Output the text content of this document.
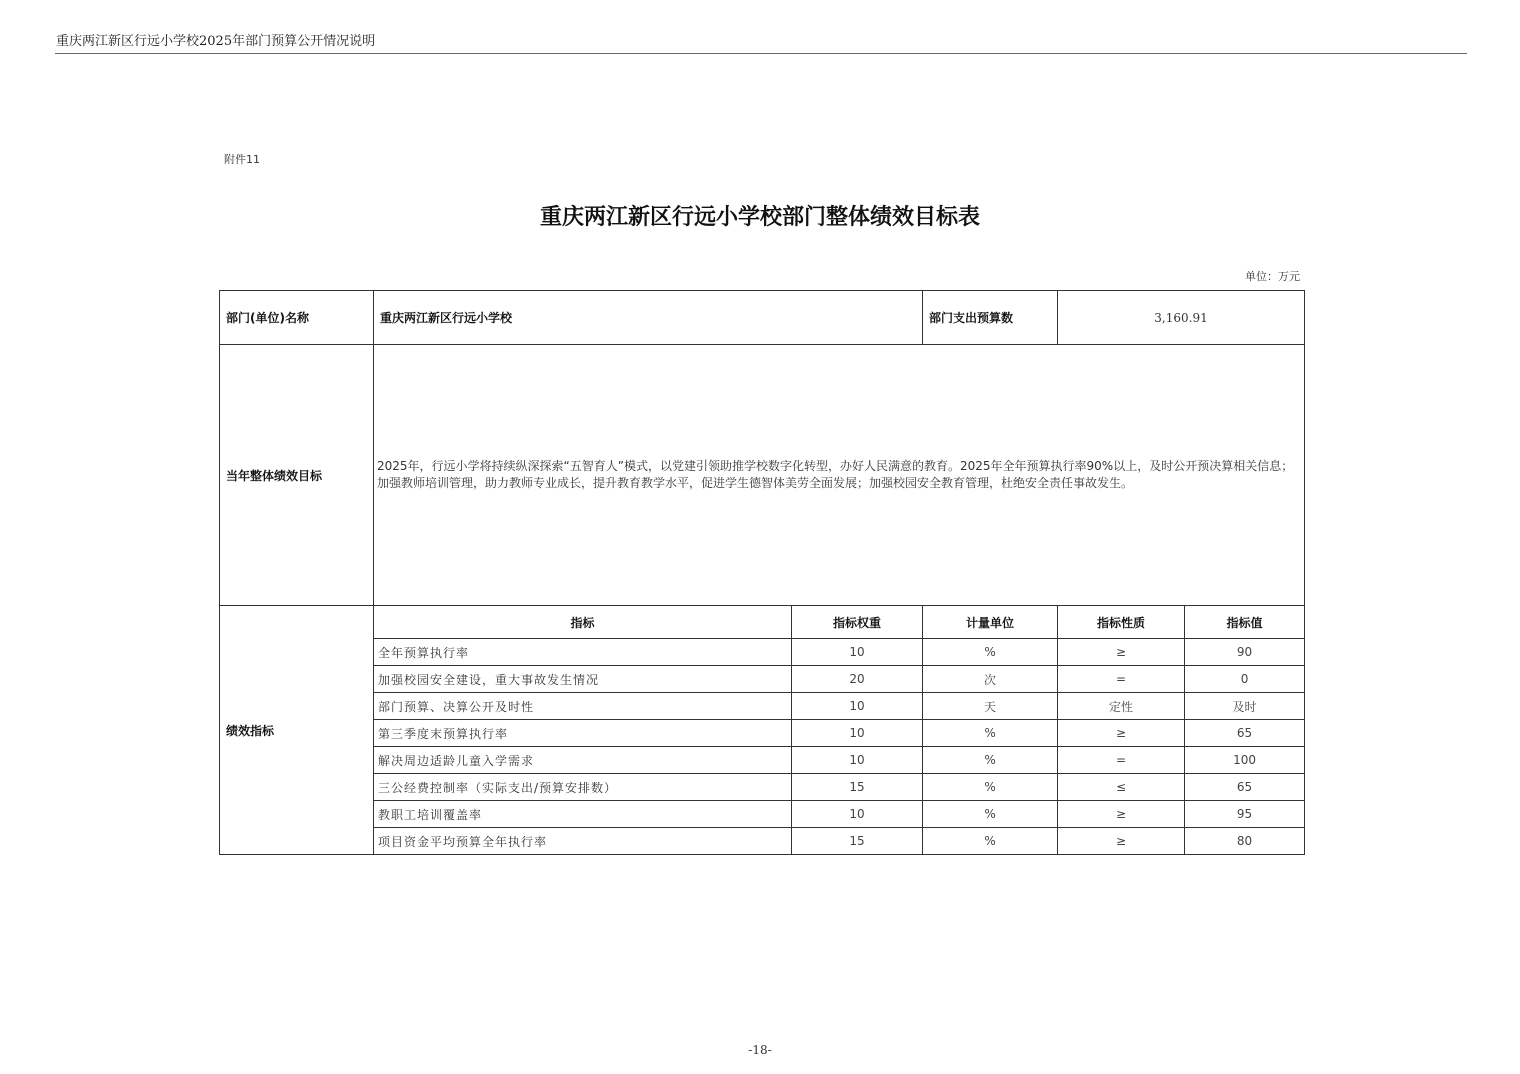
重庆两江新区行远小学校2025年部门预算公开情况说明
附件11
重庆两江新区行远小学校部门整体绩效目标表
单位：万元
部门(单位)名称	重庆两江新区行远小学校		部门支出预算数	3,160.91	
当年整体绩效目标	2025年，行远小学将持续纵深探索“五智育人”模式，以党建引领助推学校数字化转型，办好人民满意的教育。2025年全年预算执行率90%以上，及时公开预决算相关信息；加强教师培训管理，助力教师专业成长，提升教育教学水平，促进学生德智体美劳全面发展；加强校园安全教育管理，杜绝安全责任事故发生。				
绩效指标	指标	指标权重	计量单位	指标性质	指标值
	全年预算执行率	10	%	≥	90
	加强校园安全建设，重大事故发生情况	20	次	=	0
	部门预算、决算公开及时性	10	天	定性	及时
	第三季度末预算执行率	10	%	≥	65
	解决周边适龄儿童入学需求	10	%	=	100
	三公经费控制率（实际支出/预算安排数）	15	%	≤	65
	教职工培训覆盖率	10	%	≥	95
	项目资金平均预算全年执行率	15	%	≥	80
-18-
